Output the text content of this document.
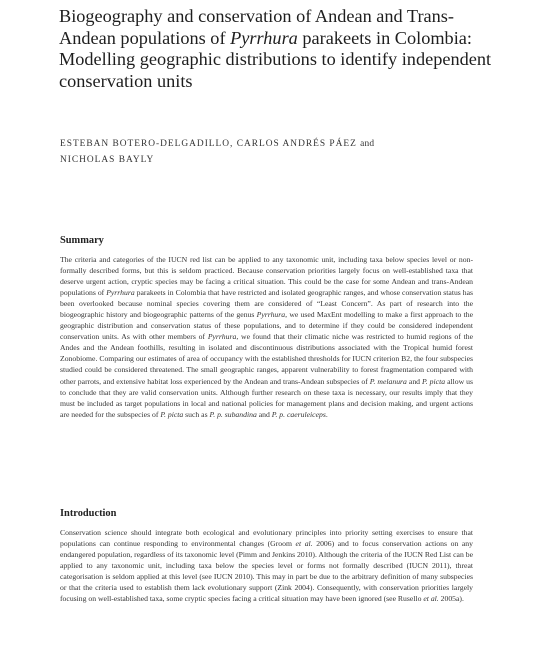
Biogeography and conservation of Andean and Trans-Andean populations of Pyrrhura parakeets in Colombia: Modelling geographic distributions to identify independent conservation units
ESTEBAN BOTERO-DELGADILLO, CARLOS ANDRÉS PÁEZ and
NICHOLAS BAYLY
Summary

The criteria and categories of the IUCN red list can be applied to any taxonomic unit, including taxa below species level or non-formally described forms, but this is seldom practiced. Because conservation priorities largely focus on well-established taxa that deserve urgent action, cryptic species may be facing a critical situation. This could be the case for some Andean and trans-Andean populations of Pyrrhura parakeets in Colombia that have restricted and isolated geographic ranges, and whose conservation status has been overlooked because nominal species covering them are considered of “Least Concern”. As part of research into the biogeographic history and biogeographic patterns of the genus Pyrrhura, we used MaxEnt modelling to make a first approach to the geographic distribution and conservation status of these populations, and to determine if they could be considered independent conservation units. As with other members of Pyrrhura, we found that their climatic niche was restricted to humid regions of the Andes and the Andean foothills, resulting in isolated and discontinuous distributions associated with the Tropical humid forest Zonobiome. Comparing our estimates of area of occupancy with the established thresholds for IUCN criterion B2, the four subspecies studied could be considered threatened. The small geographic ranges, apparent vulnerability to forest fragmentation compared with other parrots, and extensive habitat loss experienced by the Andean and trans-Andean subspecies of P. melanura and P. picta allow us to conclude that they are valid conservation units. Although further research on these taxa is necessary, our results imply that they must be included as target populations in local and national policies for management plans and decision making, and urgent actions are needed for the subspecies of P. picta such as P. p. subandina and P. p. caeruleiceps.

Introduction

Conservation science should integrate both ecological and evolutionary principles into priority setting exercises to ensure that populations can continue responding to environmental changes (Groom et al. 2006) and to focus conservation actions on any endangered population, regardless of its taxonomic level (Pimm and Jenkins 2010). Although the criteria of the IUCN Red List can be applied to any taxonomic unit, including taxa below the species level or forms not formally described (IUCN 2011), threat categorisation is seldom applied at this level (see IUCN 2010). This may in part be due to the arbitrary definition of many subspecies or that the criteria used to establish them lack evolutionary support (Zink 2004). Consequently, with conservation priorities largely focusing on well-established taxa, some cryptic species facing a critical situation may have been ignored (see Rusello et al. 2005a).
